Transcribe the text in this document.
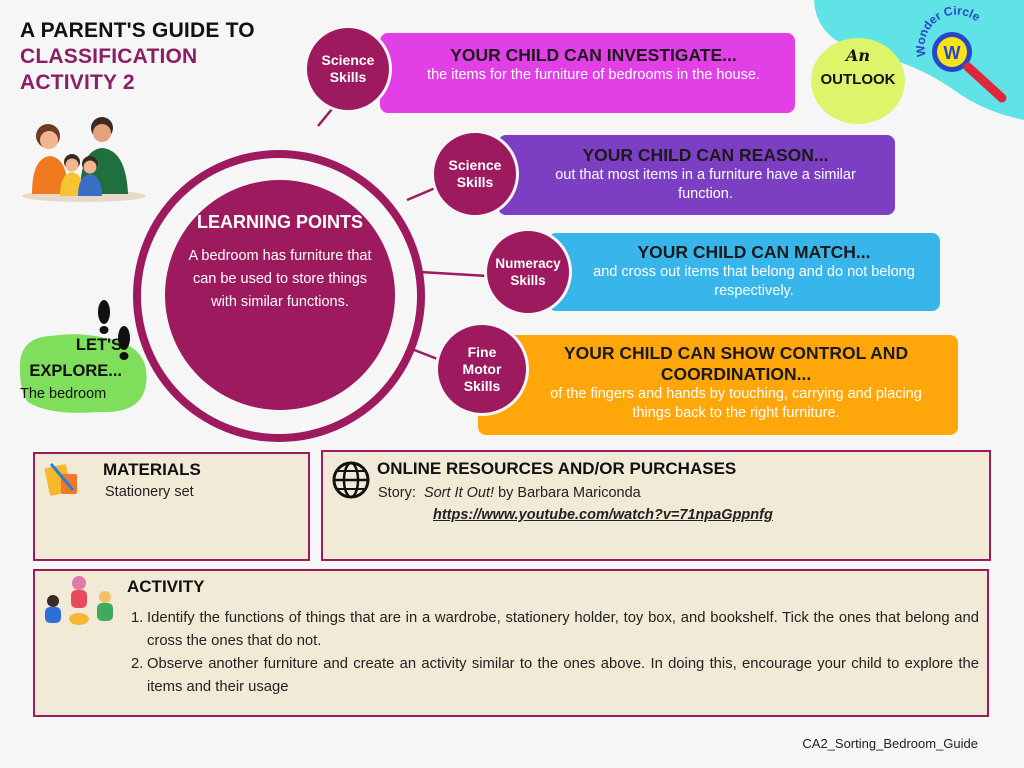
A PARENT'S GUIDE TO
CLASSIFICATION
ACTIVITY 2
An
OUTLOOK
Wonder Circle
W
LEARNING POINTS
A bedroom has furniture that can be used to store things with similar functions.
YOUR CHILD CAN INVESTIGATE...
the items for the furniture of bedrooms in the house.
Science
Skills
YOUR CHILD CAN REASON...
out that most items in a furniture have a similar function.
Science
Skills
YOUR CHILD CAN MATCH...
and cross out items that belong and do not belong respectively.
Numeracy
Skills
YOUR CHILD CAN SHOW CONTROL AND COORDINATION...
of the fingers and hands by touching, carrying and placing things back to the right furniture.
Fine Motor
Skills
LET'S EXPLORE...
The bedroom
MATERIALS
Stationery set
ONLINE RESOURCES AND/OR PURCHASES
Story: Sort It Out! by Barbara Mariconda
https://www.youtube.com/watch?v=71npaGppnfg
ACTIVITY
1. Identify the functions of things that are in a wardrobe, stationery holder, toy box, and bookshelf. Tick the ones that belong and cross the ones that do not.
2. Observe another furniture and create an activity similar to the ones above. In doing this, encourage your child to explore the items and their usage
CA2_Sorting_Bedroom_Guide
